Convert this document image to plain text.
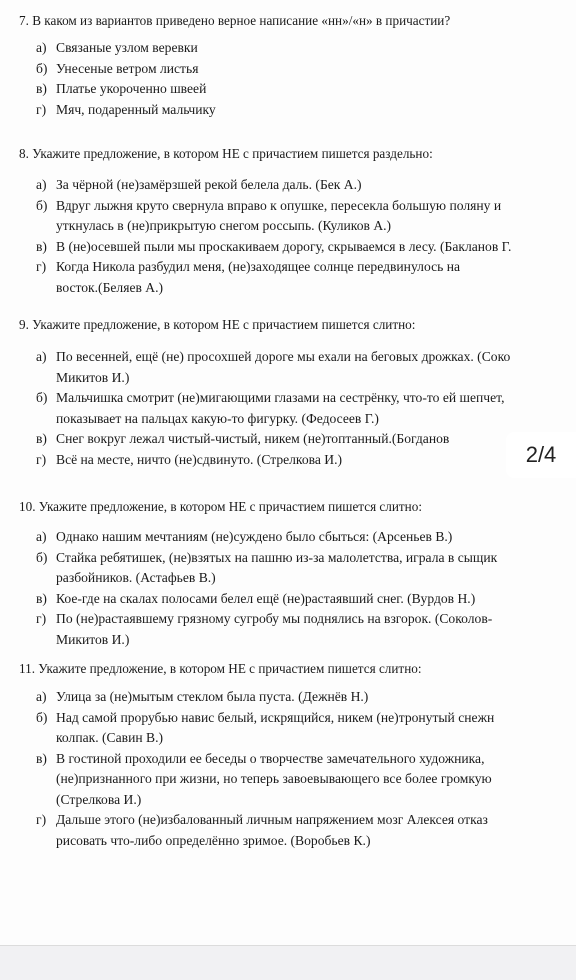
7. В каком из вариантов приведено верное написание «нн»/«н» в причастии?
а) Связаные узлом веревки
б) Унесеные ветром листья
в) Платье укороченно швеей
г) Мяч, подаренный мальчику
8. Укажите предложение, в котором НЕ с причастием пишется раздельно:
а) За чёрной (не)замёрзшей рекой белела даль. (Бек А.)
б) Вдруг лыжня круто свернула вправо к опушке, пересекла большую поляну и
уткнулась в (не)прикрытую снегом россыпь. (Куликов А.)
в) В (не)осевшей пыли мы проскакиваем дорогу, скрываемся в лесу. (Бакланов Г.
г) Когда Никола разбудил меня, (не)заходящее солнце передвинулось на
восток.(Беляев А.)
9. Укажите предложение, в котором НЕ с причастием пишется слитно:
а) По весенней, ещё (не) просохшей дороге мы ехали на беговых дрожках. (Соко
Микитов И.)
б) Мальчишка смотрит (не)мигающими глазами на сестрёнку, что-то ей шепчет,
показывает на пальцах какую-то фигурку. (Федосеев Г.)
в) Снег вокруг лежал чистый-чистый, никем (не)топтанный.(Богданов
г) Всё на месте, ничто (не)сдвинуто. (Стрелкова И.)
10. Укажите предложение, в котором НЕ с причастием пишется слитно:
а) Однако нашим мечтаниям (не)суждено было сбыться: (Арсеньев В.)
б) Стайка ребятишек, (не)взятых на пашню из-за малолетства, играла в сыщик
разбойников. (Астафьев В.)
в) Кое-где на скалах полосами белел ещё (не)растаявший снег. (Вурдов Н.)
г) По (не)растаявшему грязному сугробу мы поднялись на взгорок. (Соколов-
Микитов И.)
11. Укажите предложение, в котором НЕ с причастием пишется слитно:
а) Улица за (не)мытым стеклом была пуста. (Дежнёв Н.)
б) Над самой прорубью навис белый, искрящийся, никем (не)тронутый снежн
колпак. (Савин В.)
в) В гостиной проходили ее беседы о творчестве замечательного художника,
(не)признанного при жизни, но теперь завоевывающего все более громкую
(Стрелкова И.)
г) Дальше этого (не)избалованный личным напряжением мозг Алексея отказ
рисовать что-либо определённо зримое. (Воробьев К.)
2/4
